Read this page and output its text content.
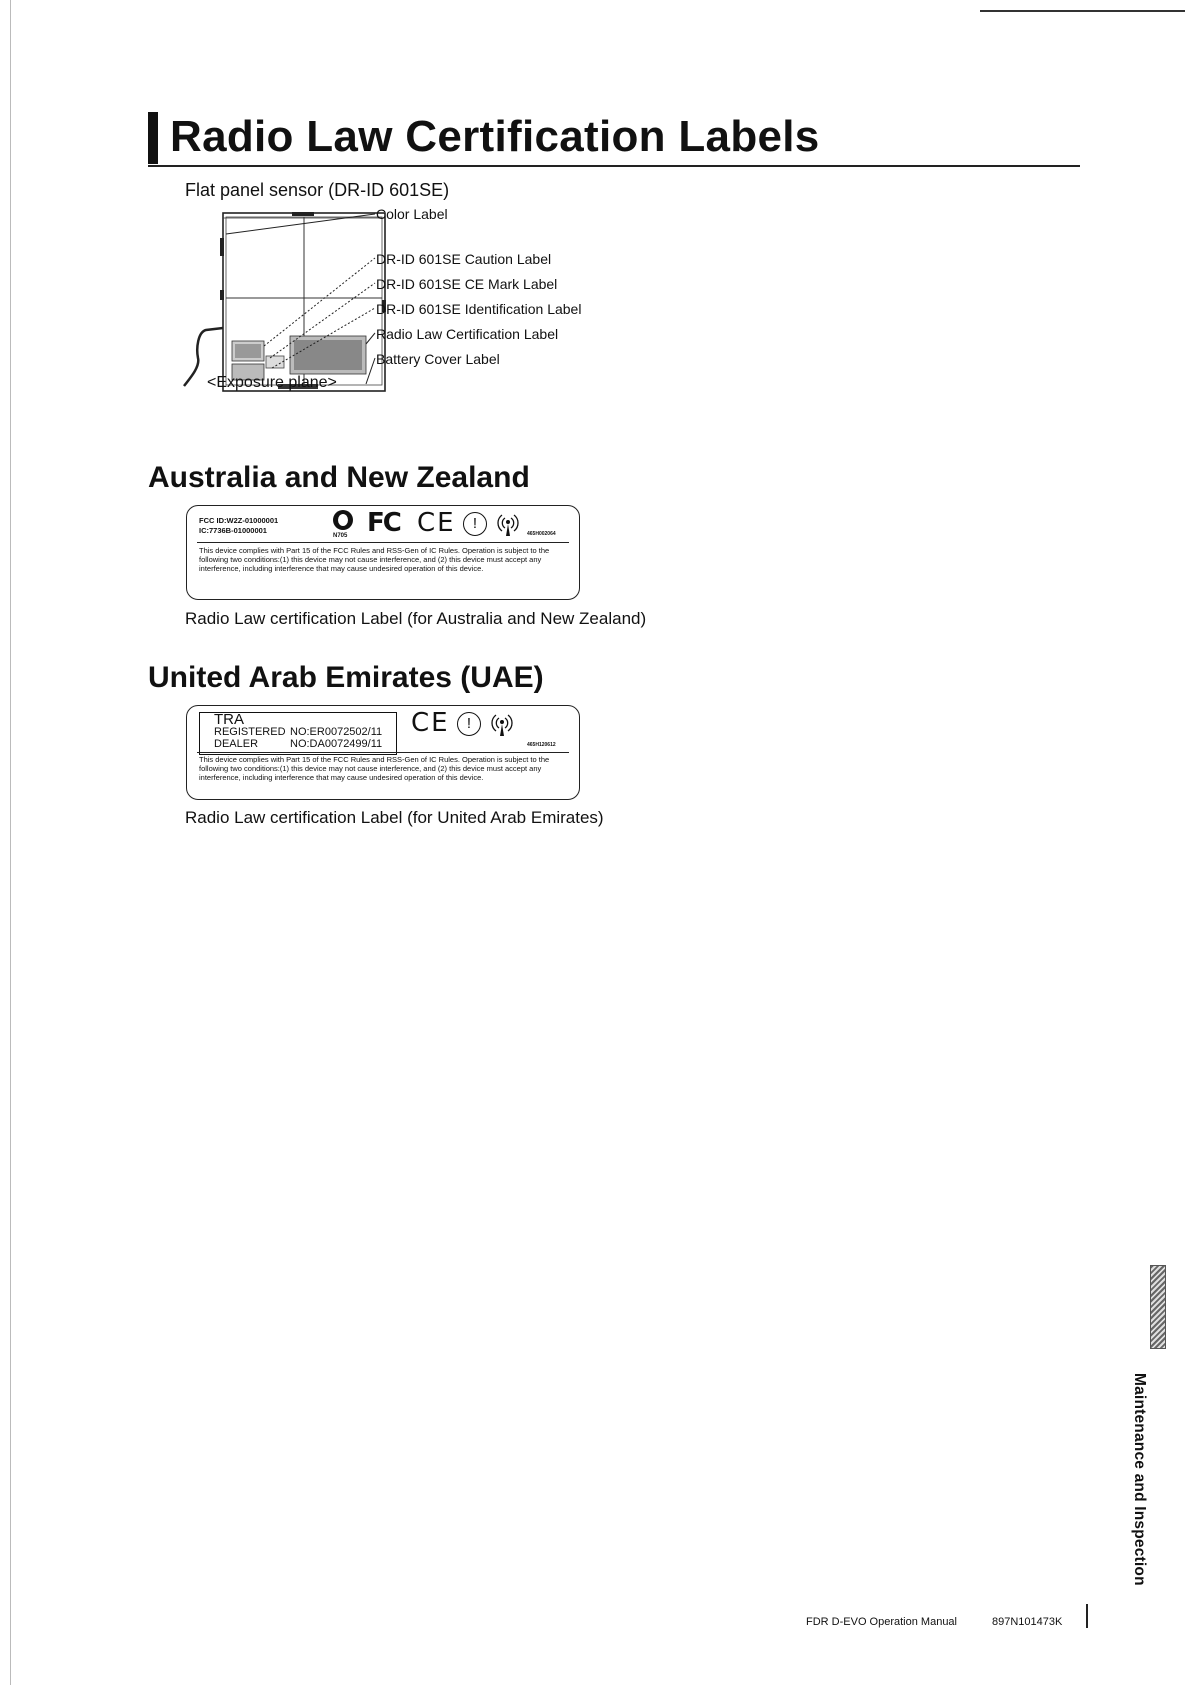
Radio Law Certification Labels
Flat panel sensor (DR-ID 601SE)
Color Label
DR-ID 601SE Caution Label
DR-ID 601SE CE Mark Label
DR-ID 601SE Identification Label
Radio Law Certification Label
Battery Cover Label
<Exposure plane>
Australia and New Zealand
FCC ID:W2Z-01000001
IC:7736B-01000001
N705 FC CE	!
465H002064
This device complies with Part 15 of the FCC Rules and RSS-Gen of IC Rules. Operation is subject to the following two conditions:(1) this device may not cause interference, and (2) this device must accept any interference, including interference that may cause undesired operation of this device.
Radio Law certification Label (for Australia and New Zealand)
United Arab Emirates (UAE)
TRA
REGISTERED NO:ER0072502/11
DEALER	NO:DA0072499/11
CE	!
465H120612
This device complies with Part 15 of the FCC Rules and RSS-Gen of IC Rules. Operation is subject to the following two conditions:(1) this device may not cause interference, and (2) this device must accept any interference, including interference that may cause undesired operation of this device.
Radio Law certification Label (for United Arab Emirates)
Maintenance and Inspection
FDR D-EVO Operation Manual	897N101473K
